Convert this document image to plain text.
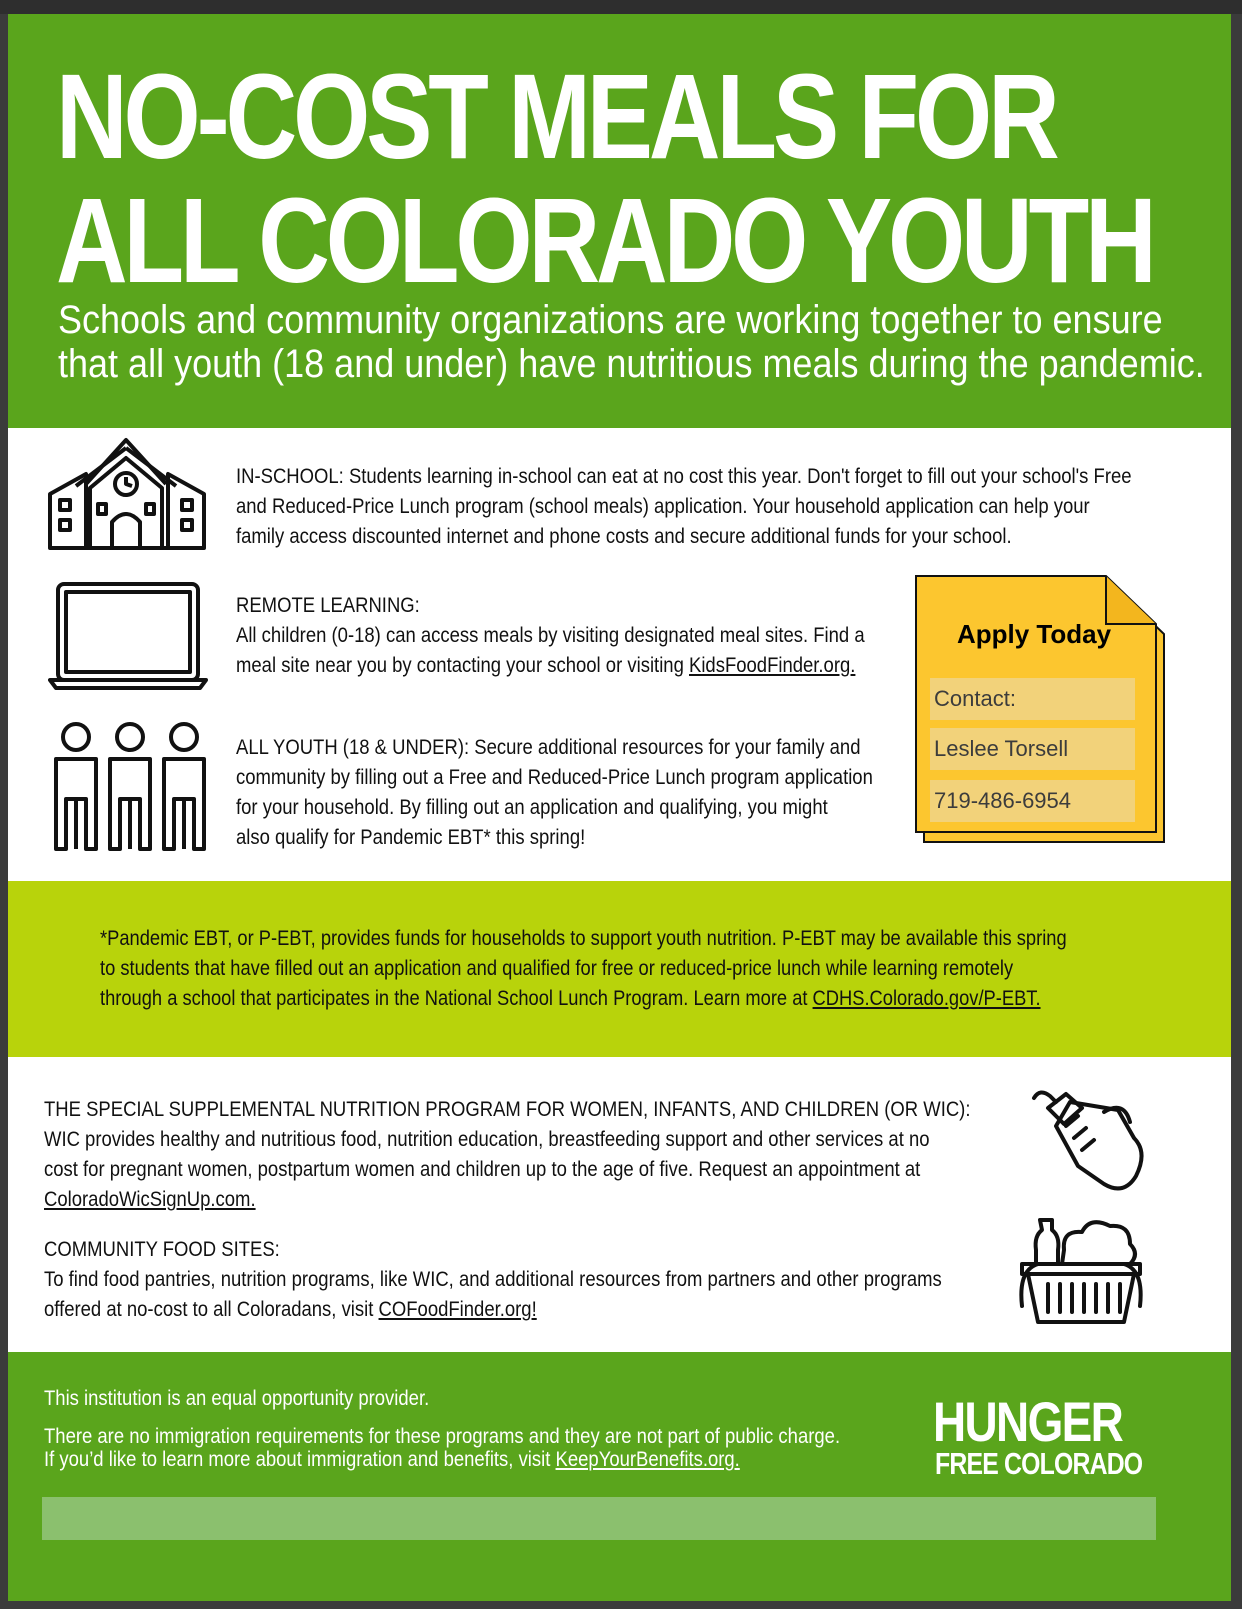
NO-COST MEALS FOR
ALL COLORADO YOUTH
Schools and community organizations are working together to ensure
that all youth (18 and under) have nutritious meals during the pandemic.
IN-SCHOOL: Students learning in-school can eat at no cost this year. Don't forget to fill out your school's Free
and Reduced-Price Lunch program (school meals) application. Your household application can help your
family access discounted internet and phone costs and secure additional funds for your school.
REMOTE LEARNING:
All children (0-18) can access meals by visiting designated meal sites. Find a
meal site near you by contacting your school or visiting KidsFoodFinder.org.
ALL YOUTH (18 & UNDER): Secure additional resources for your family and
community by filling out a Free and Reduced-Price Lunch program application
for your household. By filling out an application and qualifying, you might
also qualify for Pandemic EBT* this spring!
Apply Today
Contact:
Leslee Torsell
719-486-6954
*Pandemic EBT, or P-EBT, provides funds for households to support youth nutrition. P-EBT may be available this spring
to students that have filled out an application and qualified for free or reduced-price lunch while learning remotely
through a school that participates in the National School Lunch Program. Learn more at CDHS.Colorado.gov/P-EBT.
THE SPECIAL SUPPLEMENTAL NUTRITION PROGRAM FOR WOMEN, INFANTS, AND CHILDREN (OR WIC):
WIC provides healthy and nutritious food, nutrition education, breastfeeding support and other services at no
cost for pregnant women, postpartum women and children up to the age of five. Request an appointment at
ColoradoWicSignUp.com.
COMMUNITY FOOD SITES:
To find food pantries, nutrition programs, like WIC, and additional resources from partners and other programs
offered at no-cost to all Coloradans, visit COFoodFinder.org!
This institution is an equal opportunity provider.
There are no immigration requirements for these programs and they are not part of public charge.
If you’d like to learn more about immigration and benefits, visit KeepYourBenefits.org.
HUNGER
FREE COLORADO
